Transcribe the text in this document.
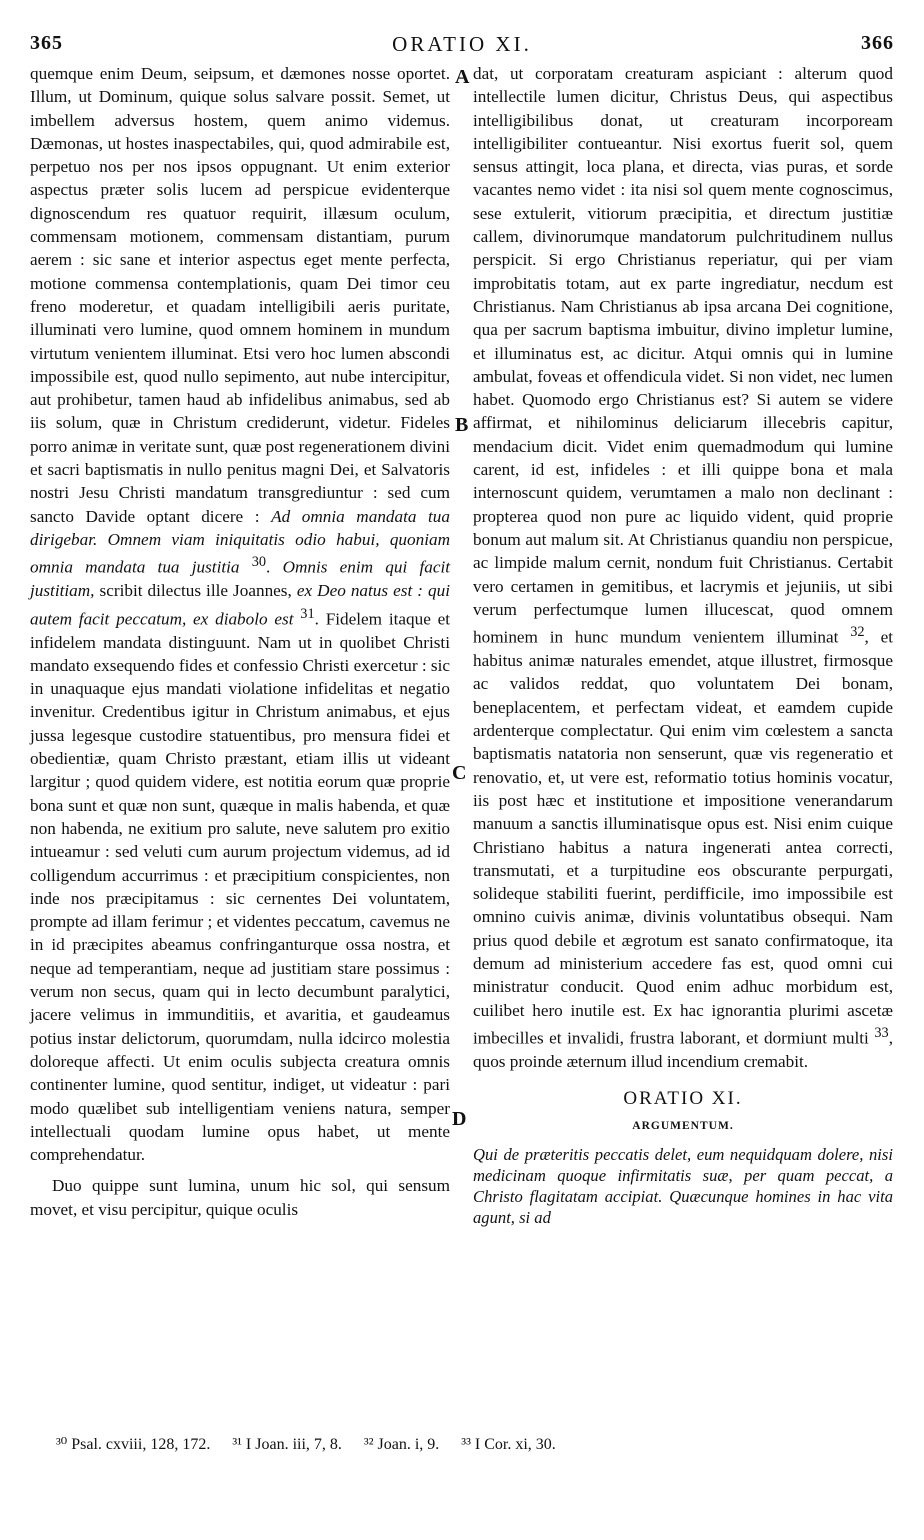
365	ORATIO XI.	366
A
B
C
D

quemque enim Deum, seipsum, et dæmones nosse oportet. Illum, ut Dominum, quique solus salvare possit. Semet, ut imbellem adversus hostem, quem animo videmus. Dæmonas, ut hostes inaspectabiles, qui, quod admirabile est, perpetuo nos per nos ipsos oppugnant. Ut enim exterior aspectus præter solis lucem ad perspicue evidenterque dignoscendum res quatuor requirit, illæsum oculum, commensam motionem, commensam distantiam, purum aerem : sic sane et interior aspectus eget mente perfecta, motione commensa contemplationis, quam Dei timor ceu freno moderetur, et quadam intelligibili aeris puritate, illuminati vero lumine, quod omnem hominem in mundum virtutum venientem illuminat. Etsi vero hoc lumen abscondi impossibile est, quod nullo sepimento, aut nube intercipitur, aut prohibetur, tamen haud ab infidelibus animabus, sed ab iis solum, quæ in Christum crediderunt, videtur. Fideles porro animæ in veritate sunt, quæ post regenerationem divini et sacri baptismatis in nullo penitus magni Dei, et Salvatoris nostri Jesu Christi mandatum transgrediuntur : sed cum sancto Davide optant dicere : Ad omnia mandata tua dirigebar. Omnem viam iniquitatis odio habui, quoniam omnia mandata tua justitia $^{30}$. Omnis enim qui facit justitiam, scribit dilectus ille Joannes, ex Deo natus est : qui autem facit peccatum, ex diabolo est $^{31}$. Fidelem itaque et infidelem mandata distinguunt. Nam ut in quolibet Christi mandato exsequendo fides et confessio Christi exercetur : sic in unaquaque ejus mandati violatione infidelitas et negatio invenitur. Credentibus igitur in Christum animabus, et ejus jussa legesque custodire statuentibus, pro mensura fidei et obedientiæ, quam Christo præstant, etiam illis ut videant largitur ; quod quidem videre, est notitia eorum quæ proprie bona sunt et quæ non sunt, quæque in malis habenda, et quæ non habenda, ne exitium pro salute, neve salutem pro exitio intueamur : sed veluti cum aurum projectum videmus, ad id colligendum accurrimus : et præcipitium conspicientes, non inde nos præcipitamus : sic cernentes Dei voluntatem, prompte ad illam ferimur ; et videntes peccatum, cavemus ne in id præcipites abeamus confringanturque ossa nostra, et neque ad temperantiam, neque ad justitiam stare possimus : verum non secus, quam qui in lecto decumbunt paralytici, jacere velimus in immunditiis, et avaritia, et gaudeamus potius instar delictorum, quorumdam, nulla idcirco molestia doloreque affecti. Ut enim oculis subjecta creatura omnis continenter lumine, quod sentitur, indiget, ut videatur : pari modo quælibet sub intelligentiam veniens natura, semper intellectuali quodam lumine opus habet, ut mente comprehendatur.

Duo quippe sunt lumina, unum hic sol, qui sensum movet, et visu percipitur, quique oculis

dat, ut corporatam creaturam aspiciant : alterum quod intellectile lumen dicitur, Christus Deus, qui aspectibus intelligibilibus donat, ut creaturam incorpoream intelligibiliter contueantur. Nisi exortus fuerit sol, quem sensus attingit, loca plana, et directa, vias puras, et sorde vacantes nemo videt : ita nisi sol quem mente cognoscimus, sese extulerit, vitiorum præcipitia, et directum justitiæ callem, divinorumque mandatorum pulchritudinem nullus perspicit. Si ergo Christianus reperiatur, qui per viam improbitatis totam, aut ex parte ingrediatur, necdum est Christianus. Nam Christianus ab ipsa arcana Dei cognitione, qua per sacrum baptisma imbuitur, divino impletur lumine, et illuminatus est, ac dicitur. Atqui omnis qui in lumine ambulat, foveas et offendicula videt. Si non videt, nec lumen habet. Quomodo ergo Christianus est? Si autem se videre affirmat, et nihilominus deliciarum illecebris capitur, mendacium dicit. Videt enim quemadmodum qui lumine carent, id est, infideles : et illi quippe bona et mala internoscunt quidem, verumtamen a malo non declinant : propterea quod non pure ac liquido vident, quid proprie bonum aut malum sit. At Christianus quandiu non perspicue, ac limpide malum cernit, nondum fuit Christianus. Certabit vero certamen in gemitibus, et lacrymis et jejuniis, ut sibi verum perfectumque lumen illucescat, quod omnem hominem in hunc mundum venientem illuminat $^{32}$, et habitus animæ naturales emendet, atque illustret, firmosque ac validos reddat, quo voluntatem Dei bonam, beneplacentem, et perfectam videat, et eamdem cupide ardenterque complectatur. Qui enim vim cœlestem a sancta baptismatis natatoria non senserunt, quæ vis regeneratio et renovatio, et, ut vere est, reformatio totius hominis vocatur, iis post hæc et institutione et impositione venerandarum manuum a sanctis illuminatisque opus est. Nisi enim cuique Christiano habitus a natura ingenerati antea correcti, transmutati, et a turpitudine eos obscurante perpurgati, solideque stabiliti fuerint, perdifficile, imo impossibile est omnino cuivis animæ, divinis voluntatibus obsequi. Nam prius quod debile et ægrotum est sanato confirmatoque, ita demum ad ministerium accedere fas est, quod omni cui ministratur conducit. Quod enim adhuc morbidum est, cuilibet hero inutile est. Ex hac ignorantia plurimi ascetæ imbecilles et invalidi, frustra laborant, et dormiunt multi $^{33}$, quos proinde æternum illud incendium cremabit.

ORATIO XI.
ARGUMENTUM.

Qui de præteritis peccatis delet, eum nequidquam dolere, nisi medicinam quoque infirmitatis suæ, per quam peccat, a Christo flagitatam accipiat. Quæcunque homines in hac vita agunt, si ad

³⁰ Psal. cxviii, 128, 172. ³¹ I Joan. iii, 7, 8. ³² Joan. i, 9. ³³ I Cor. xi, 30.
